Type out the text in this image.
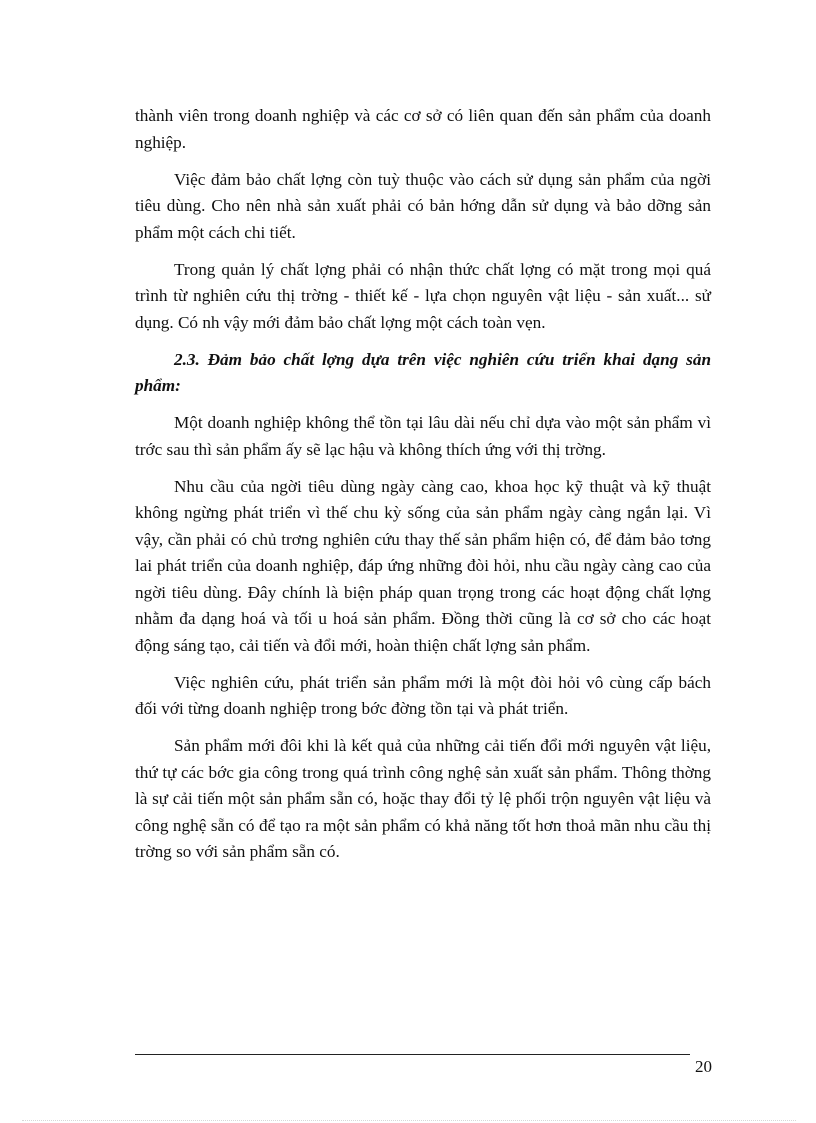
thành viên trong doanh nghiệp và các cơ sở có liên quan đến sản phẩm của doanh nghiệp.

Việc đảm bảo chất lợng còn tuỳ thuộc vào cách sử dụng sản phẩm của ngời tiêu dùng. Cho nên nhà sản xuất phải có bản hớng dẫn sử dụng và bảo dỡng sản phẩm một cách chi tiết.

Trong quản lý chất lợng phải có nhận thức chất lợng có mặt trong mọi quá trình từ nghiên cứu thị trờng - thiết kế - lựa chọn nguyên vật liệu - sản xuất... sử dụng. Có nh vậy mới đảm bảo chất lợng một cách toàn vẹn.

2.3. Đảm bảo chất lợng dựa trên việc nghiên cứu triển khai dạng sản phẩm:

Một doanh nghiệp không thể tồn tại lâu dài nếu chỉ dựa vào một sản phẩm vì trớc sau thì sản phẩm ấy sẽ lạc hậu và không thích ứng với thị trờng.

Nhu cầu của ngời tiêu dùng ngày càng cao, khoa học kỹ thuật và kỹ thuật không ngừng phát triển vì thế chu kỳ sống của sản phẩm ngày càng ngắn lại. Vì vậy, cần phải có chủ trơng nghiên cứu thay thế sản phẩm hiện có, để đảm bảo tơng lai phát triển của doanh nghiệp, đáp ứng những đòi hỏi, nhu cầu ngày càng cao của ngời tiêu dùng. Đây chính là biện pháp quan trọng trong các hoạt động chất lợng nhằm đa dạng hoá và tối u hoá sản phẩm. Đồng thời cũng là cơ sở cho các hoạt động sáng tạo, cải tiến và đổi mới, hoàn thiện chất lợng sản phẩm.

Việc nghiên cứu, phát triển sản phẩm mới là một đòi hỏi vô cùng cấp bách đối với từng doanh nghiệp trong bớc đờng tồn tại và phát triển.

Sản phẩm mới đôi khi là kết quả của những cải tiến đổi mới nguyên vật liệu, thứ tự các bớc gia công trong quá trình công nghệ sản xuất sản phẩm. Thông thờng là sự cải tiến một sản phẩm sẵn có, hoặc thay đổi tỷ lệ phối trộn nguyên vật liệu và công nghệ sẵn có để tạo ra một sản phẩm có khả năng tốt hơn thoả mãn nhu cầu thị trờng so với sản phẩm sẵn có.

20
